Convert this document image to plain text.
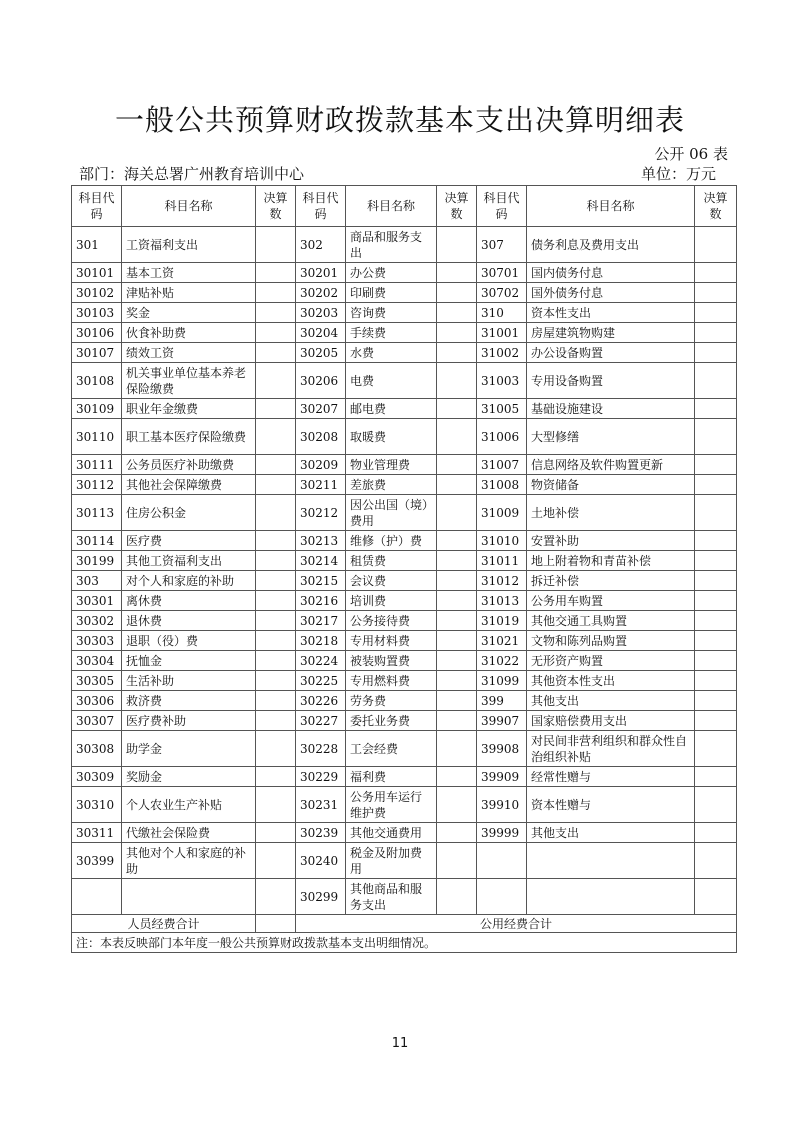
一般公共预算财政拨款基本支出决算明细表
公开 06 表
部门：海关总署广州教育培训中心	单位：万元
科目代码	科目名称	决算数	科目代码	科目名称	决算数	科目代码	科目名称	决算数
301	工资福利支出		302	商品和服务支出		307	债务利息及费用支出	
30101	基本工资		30201	办公费		30701	国内债务付息	
30102	津贴补贴		30202	印刷费		30702	国外债务付息	
30103	奖金		30203	咨询费		310	资本性支出	
30106	伙食补助费		30204	手续费		31001	房屋建筑物购建	
30107	绩效工资		30205	水费		31002	办公设备购置	
30108	机关事业单位基本养老保险缴费		30206	电费		31003	专用设备购置	
30109	职业年金缴费		30207	邮电费		31005	基础设施建设	
30110	职工基本医疗保险缴费		30208	取暖费		31006	大型修缮	
30111	公务员医疗补助缴费		30209	物业管理费		31007	信息网络及软件购置更新	
30112	其他社会保障缴费		30211	差旅费		31008	物资储备	
30113	住房公积金		30212	因公出国（境）费用		31009	土地补偿	
30114	医疗费		30213	维修（护）费		31010	安置补助	
30199	其他工资福利支出		30214	租赁费		31011	地上附着物和青苗补偿	
303	对个人和家庭的补助		30215	会议费		31012	拆迁补偿	
30301	离休费		30216	培训费		31013	公务用车购置	
30302	退休费		30217	公务接待费		31019	其他交通工具购置	
30303	退职（役）费		30218	专用材料费		31021	文物和陈列品购置	
30304	抚恤金		30224	被装购置费		31022	无形资产购置	
30305	生活补助		30225	专用燃料费		31099	其他资本性支出	
30306	救济费		30226	劳务费		399	其他支出	
30307	医疗费补助		30227	委托业务费		39907	国家赔偿费用支出	
30308	助学金		30228	工会经费		39908	对民间非营利组织和群众性自治组织补贴	
30309	奖励金		30229	福利费		39909	经常性赠与	
30310	个人农业生产补贴		30231	公务用车运行维护费		39910	资本性赠与	
30311	代缴社会保险费		30239	其他交通费用		39999	其他支出	
30399	其他对个人和家庭的补助		30240	税金及附加费用				
			30299	其他商品和服务支出				
人员经费合计			公用经费合计					
注：本表反映部门本年度一般公共预算财政拨款基本支出明细情况。								
11
